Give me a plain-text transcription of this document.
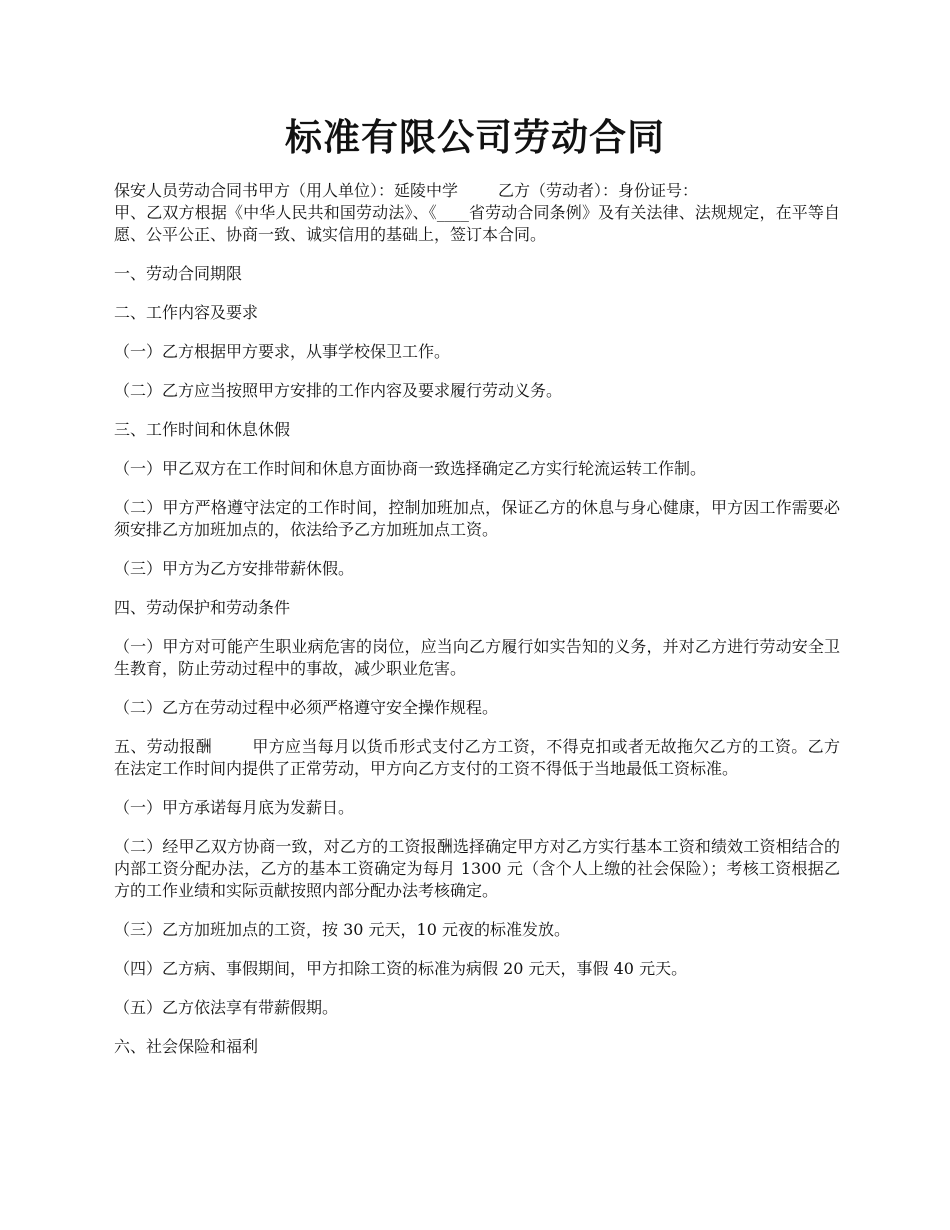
标准有限公司劳动合同

保安人员劳动合同书甲方（用人单位）：延陵中学	乙方（劳动者）：身份证号：
甲、乙双方根据《中华人民共和国劳动法》、《____省劳动合同条例》及有关法律、法规规定，在平等自愿、公平公正、协商一致、诚实信用的基础上，签订本合同。

一、劳动合同期限

二、工作内容及要求

（一）乙方根据甲方要求，从事学校保卫工作。

（二）乙方应当按照甲方安排的工作内容及要求履行劳动义务。

三、工作时间和休息休假

（一）甲乙双方在工作时间和休息方面协商一致选择确定乙方实行轮流运转工作制。

（二）甲方严格遵守法定的工作时间，控制加班加点，保证乙方的休息与身心健康，甲方因工作需要必须安排乙方加班加点的，依法给予乙方加班加点工资。

（三）甲方为乙方安排带薪休假。

四、劳动保护和劳动条件

（一）甲方对可能产生职业病危害的岗位，应当向乙方履行如实告知的义务，并对乙方进行劳动安全卫生教育，防止劳动过程中的事故，减少职业危害。

（二）乙方在劳动过程中必须严格遵守安全操作规程。

五、劳动报酬	甲方应当每月以货币形式支付乙方工资，不得克扣或者无故拖欠乙方的工资。乙方在法定工作时间内提供了正常劳动，甲方向乙方支付的工资不得低于当地最低工资标准。

（一）甲方承诺每月底为发薪日。

（二）经甲乙双方协商一致，对乙方的工资报酬选择确定甲方对乙方实行基本工资和绩效工资相结合的内部工资分配办法，乙方的基本工资确定为每月 1300 元（含个人上缴的社会保险）；考核工资根据乙方的工作业绩和实际贡献按照内部分配办法考核确定。

（三）乙方加班加点的工资，按 30 元天，10 元夜的标准发放。

（四）乙方病、事假期间，甲方扣除工资的标准为病假 20 元天，事假 40 元天。

（五）乙方依法享有带薪假期。

六、社会保险和福利
